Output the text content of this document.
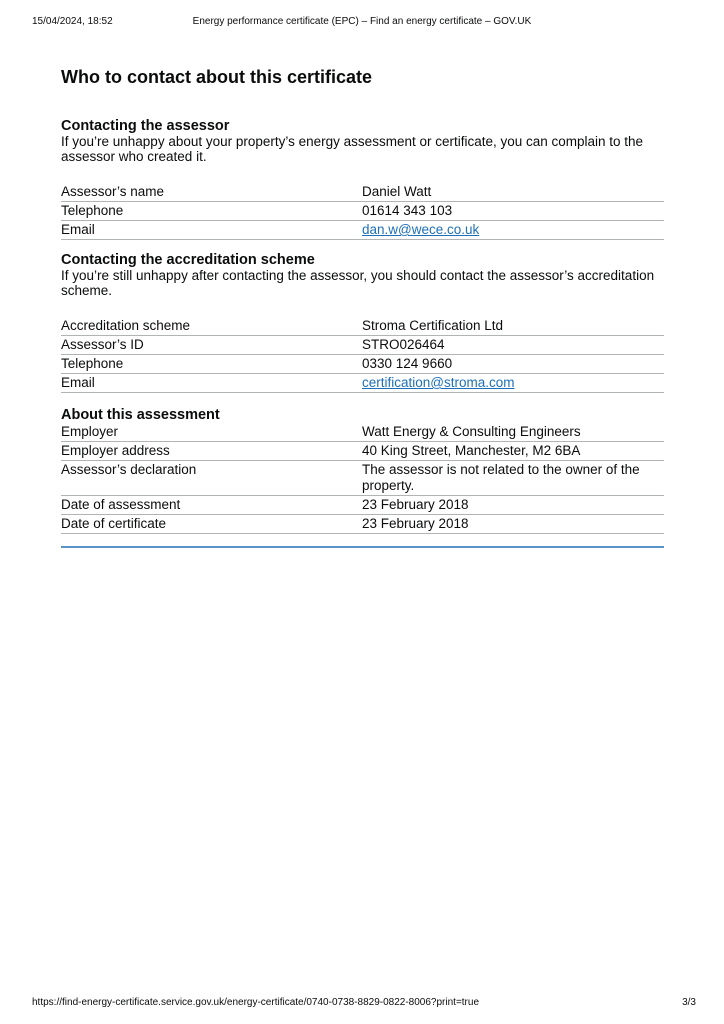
15/04/2024, 18:52	Energy performance certificate (EPC) – Find an energy certificate – GOV.UK
Who to contact about this certificate
Contacting the assessor

If you’re unhappy about your property’s energy assessment or certificate, you can complain to the assessor who created it.

Assessor’s name	Daniel Watt
Telephone	01614 343 103
Email	dan.w@wece.co.uk
Contacting the accreditation scheme

If you’re still unhappy after contacting the assessor, you should contact the assessor’s accreditation scheme.

Accreditation scheme	Stroma Certification Ltd
Assessor’s ID	STRO026464
Telephone	0330 124 9660
Email	certification@stroma.com
About this assessment
Employer	Watt Energy & Consulting Engineers
Employer address	40 King Street, Manchester, M2 6BA
Assessor’s declaration	The assessor is not related to the owner of the property.
Date of assessment	23 February 2018
Date of certificate	23 February 2018
https://find-energy-certificate.service.gov.uk/energy-certificate/0740-0738-8829-0822-8006?print=true	3/3
